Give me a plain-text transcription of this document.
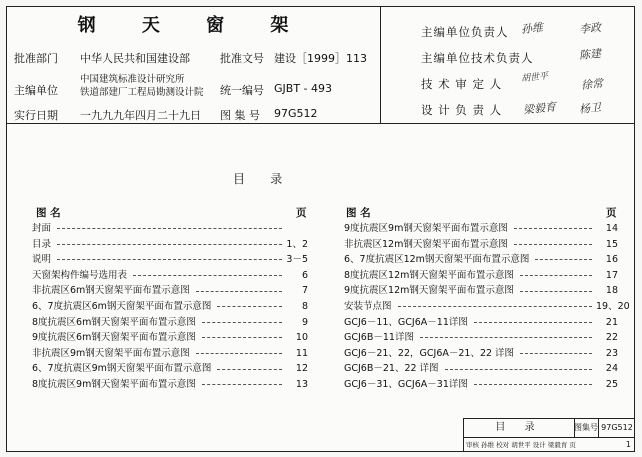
钢 天 窗 架
批准部门 中华人民共和国建设部	批准文号 建设［1999］113
主编单位
中国建筑标准设计研究所
铁道部建厂工程局勘测设计院 统一编号 GJBT - 493
实行日期 一九九九年四月二十九日 图 集 号 97G512
主编单位负责人 孙维	李政
主编单位技术负责人	陈建
技 术 审 定 人 胡世平	徐常
设 计 负 责 人 梁毅育 杨卫
目    录
图 名	页
封面
目录	1、2
说明	3－5
天窗架构件编号选用表	6
非抗震区6m钢天窗架平面布置示意图	7
6、7度抗震区6m钢天窗架平面布置示意图	8
8度抗震区6m钢天窗架平面布置示意图	9
9度抗震区6m钢天窗架平面布置示意图	10
非抗震区9m钢天窗架平面布置示意图	11
6、7度抗震区9m钢天窗架平面布置示意图	12
8度抗震区9m钢天窗架平面布置示意图	13
图 名	页
9度抗震区9m钢天窗架平面布置示意图	14
非抗震区12m钢天窗架平面布置示意图	15
6、7度抗震区12m钢天窗架平面布置示意图	16
8度抗震区12m钢天窗架平面布置示意图	17
9度抗震区12m钢天窗架平面布置示意图	18
安装节点图	19、20
GCJ6－11、GCJ6A－11详图	21
GCJ6B－11详图	22
GCJ6－21、22，GCJ6A－21、22 详图	23
GCJ6B－21、22 详图	24
GCJ6－31、GCJ6A－31详图	25
目 录	图集号 97G512
审核 孙维 校对 胡世平 设计 梁毅育 页	1
